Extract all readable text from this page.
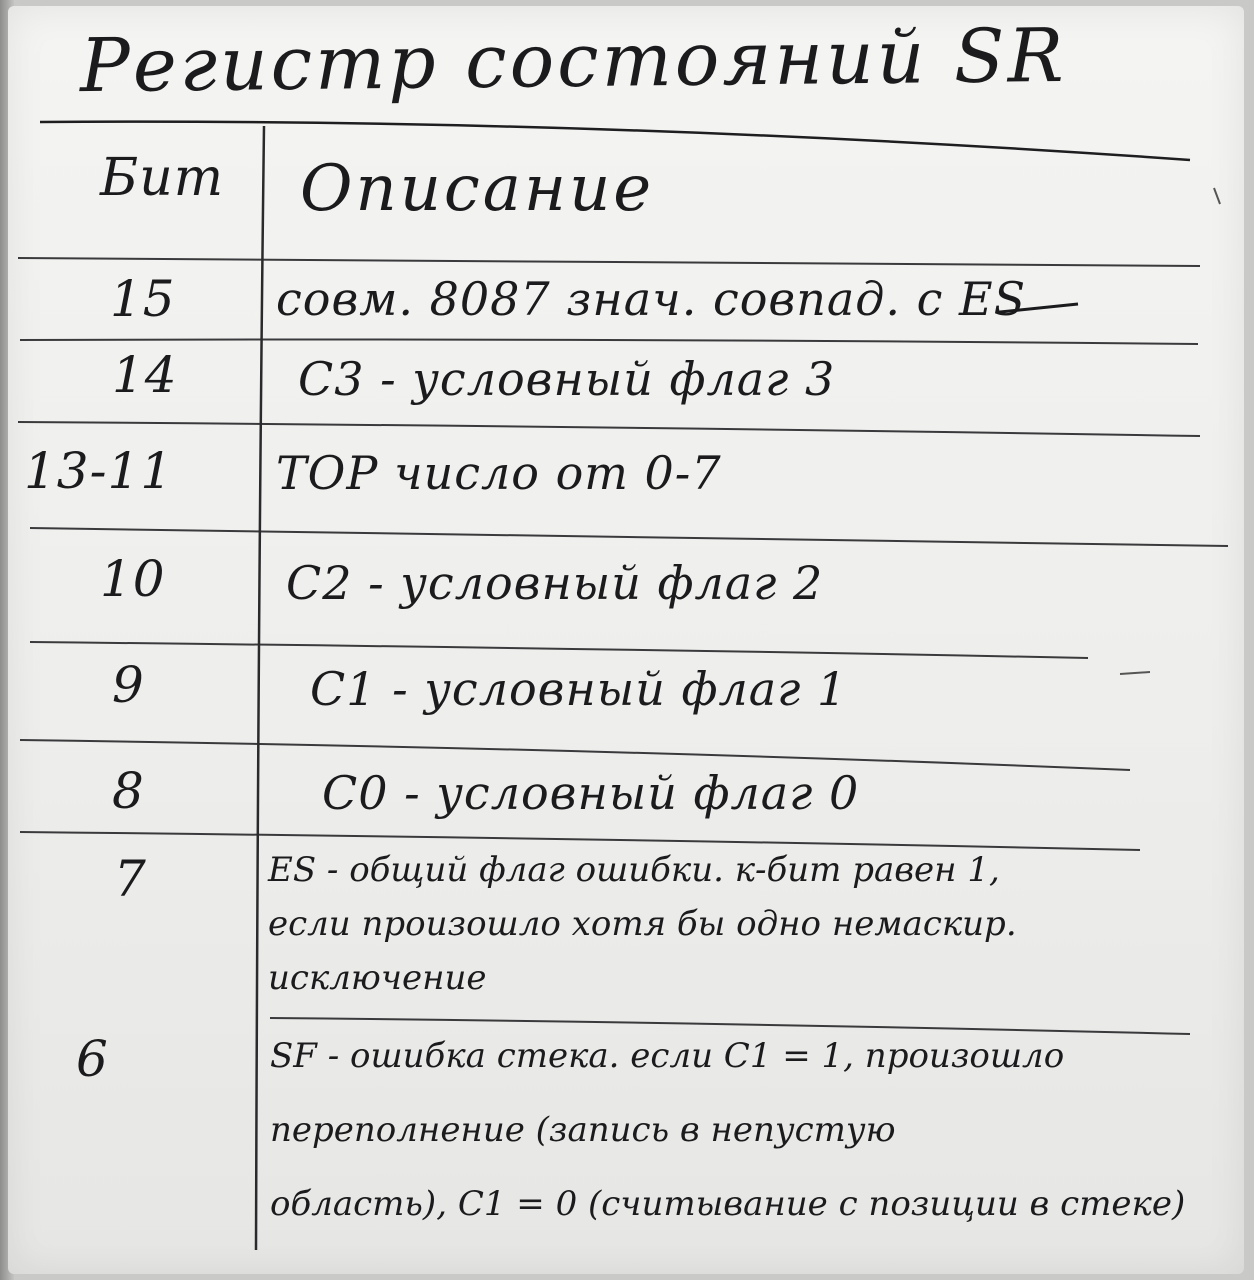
Регистр состояний SR
Бит Описание
15 совм. 8087 знач. совпад. с ES
14	С3 - условный флаг 3
13-11 TOP число от 0-7
10	С2 - условный флаг 2
9	С1 - условный флаг 1
8	С0 - условный флаг 0
7	ES - общий флаг ошибки. к-бит равен 1,
если произошло хотя бы одно немаскир.
исключение
6	SF - ошибка стека. если С1 = 1, произошло
переполнение (запись в непустую
область), С1 = 0 (считывание с позиции в стеке)
